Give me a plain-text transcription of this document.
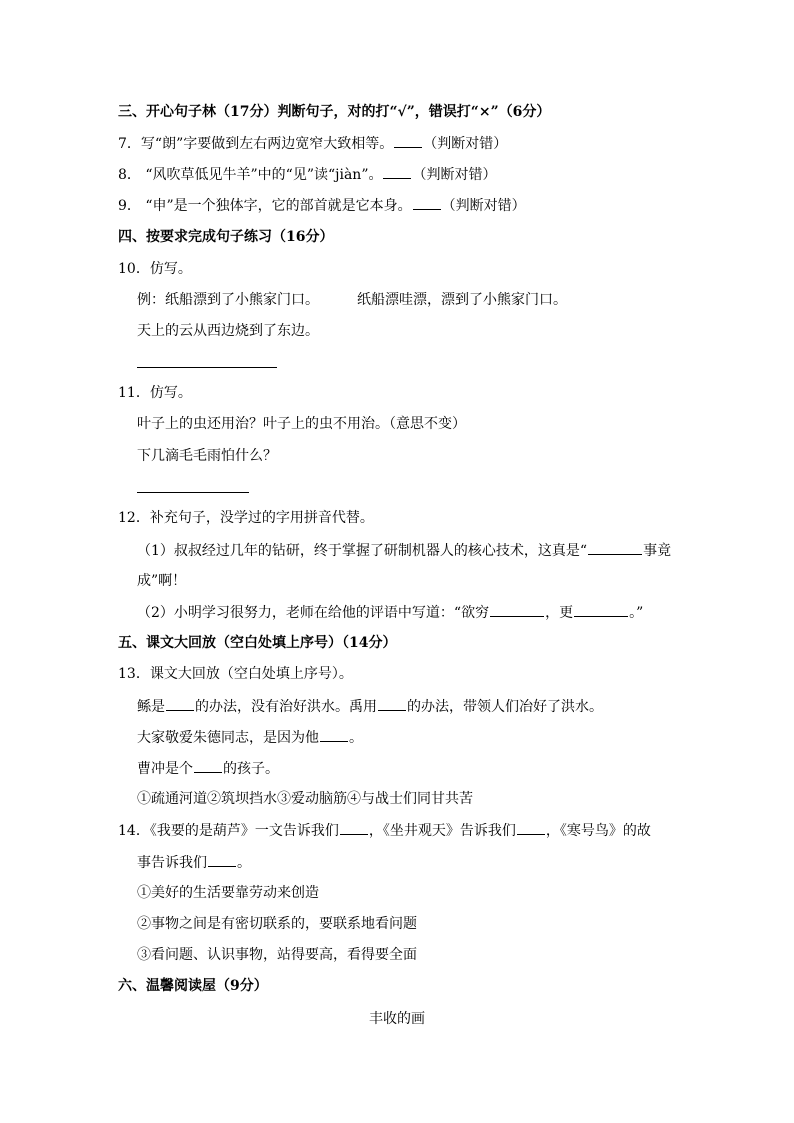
三、开心句子林（17分）判断句子，对的打“√”，错误打“×”（6分）
7．写“朗”字要做到左右两边宽窄大致相等。 （判断对错）
8． “风吹草低见牛羊”中的“见”读“jiàn”。 （判断对错）
9． “申”是一个独体字，它的部首就是它本身。 （判断对错）
四、按要求完成句子练习（16分）
10．仿写。
例：纸船漂到了小熊家门口。	纸船漂哇漂，漂到了小熊家门口。
天上的云从西边烧到了东边。
11．仿写。
叶子上的虫还用治？叶子上的虫不用治。（意思不变）
下几滴毛毛雨怕什么？
12．补充句子，没学过的字用拼音代替。
（1）叔叔经过几年的钻研，终于掌握了研制机器人的核心技术，这真是“	事竟
成”啊！
（2）小明学习很努力，老师在给他的评语中写道：“欲穷	，更	。”
五、课文大回放（空白处填上序号）（14分）
13．课文大回放（空白处填上序号）。
鲧是 的办法，没有治好洪水。禹用 的办法，带领人们冶好了洪水。
大家敬爱朱德同志，是因为他 。
曹冲是个 的孩子。
①疏通河道②筑坝挡水③爱动脑筋④与战士们同甘共苦
14．《我要的是葫芦》一文告诉我们 ，《坐井观天》告诉我们 ，《寒号鸟》的故
事告诉我们 。
①美好的生活要靠劳动来创造
②事物之间是有密切联系的，要联系地看问题
③看问题、认识事物，站得要高，看得要全面
六、温馨阅读屋（9分）
丰收的画
